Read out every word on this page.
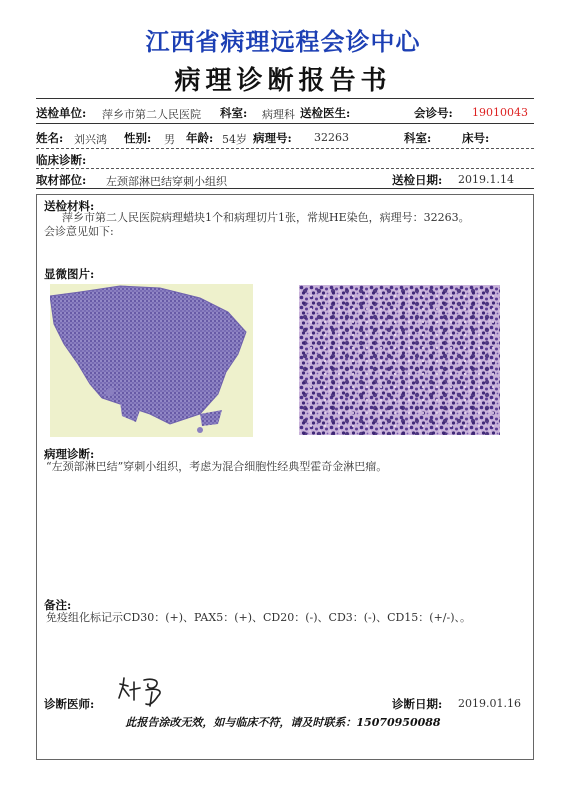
江西省病理远程会诊中心
病理诊断报告书
送检单位: 萍乡市第二人民医院 科室: 病理科 送检医生:	会诊号: 19010043
姓名: 刘兴鸿 性别: 男 年龄: 54岁 病理号: 32263	科室:	床号:
临床诊断:
取材部位: 左颈部淋巴结穿刺小组织	送检日期: 2019.1.14
送检材料:
萍乡市第二人民医院病理蜡块1个和病理切片1张，常规HE染色，病理号：32263。
会诊意见如下:
显微图片:
病理诊断:
“左颈部淋巴结”穿刺小组织，考虑为混合细胞性经典型霍奇金淋巴瘤。
备注:
免疫组化标记示CD30：(+)、PAX5：(+)、CD20：(-)、CD3：(-)、CD15：(+/-)、。
诊断医师:	诊断日期: 2019.01.16
此报告涂改无效，如与临床不符，请及时联系：15070950088
